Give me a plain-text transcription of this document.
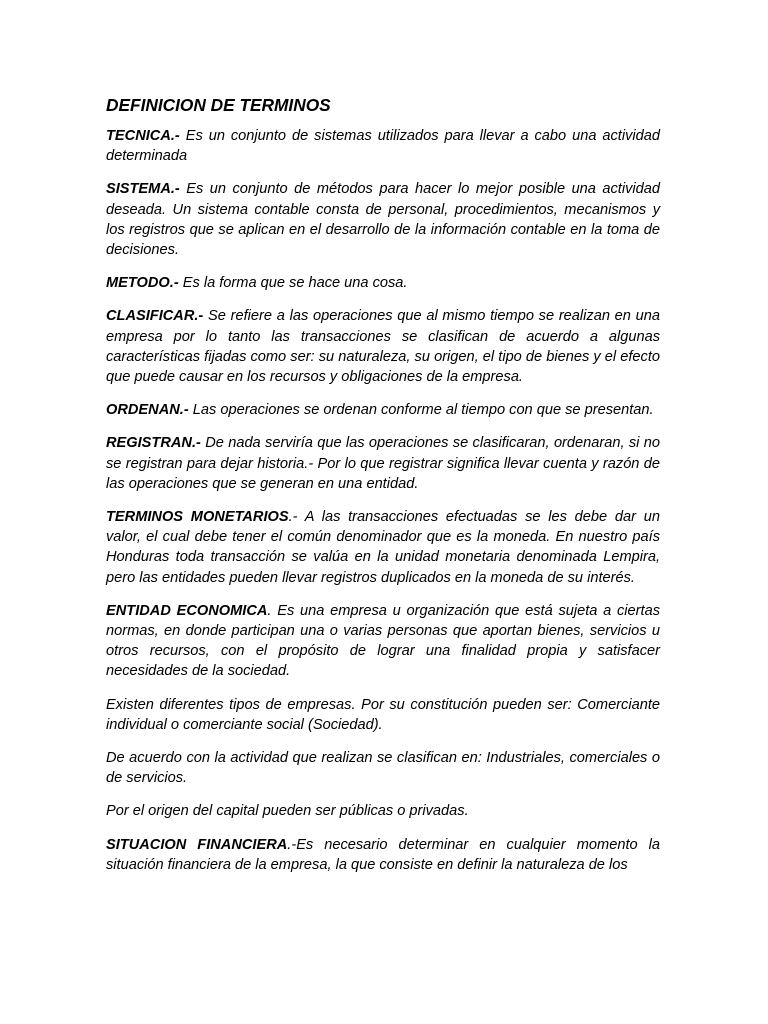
DEFINICION DE TERMINOS

TECNICA.- Es un conjunto de sistemas utilizados para llevar a cabo una actividad determinada

SISTEMA.- Es un conjunto de métodos para hacer lo mejor posible una actividad deseada. Un sistema contable consta de personal, procedimientos, mecanismos y los registros que se aplican en el desarrollo de la información contable en la toma de decisiones.

METODO.- Es la forma que se hace una cosa.

CLASIFICAR.- Se refiere a las operaciones que al mismo tiempo se realizan en una empresa por lo tanto las transacciones se clasifican de acuerdo a algunas características fijadas como ser: su naturaleza, su origen, el tipo de bienes y el efecto que puede causar en los recursos y obligaciones de la empresa.

ORDENAN.- Las operaciones se ordenan conforme al tiempo con que se presentan.

REGISTRAN.- De nada serviría que las operaciones se clasificaran, ordenaran, si no se registran para dejar historia.- Por lo que registrar significa llevar cuenta y razón de las operaciones que se generan en una entidad.

TERMINOS MONETARIOS.- A las transacciones efectuadas se les debe dar un valor, el cual debe tener el común denominador que es la moneda. En nuestro país Honduras toda transacción se valúa en la unidad monetaria denominada Lempira, pero las entidades pueden llevar registros duplicados en la moneda de su interés.

ENTIDAD ECONOMICA. Es una empresa u organización que está sujeta a ciertas normas, en donde participan una o varias personas que aportan bienes, servicios u otros recursos, con el propósito de lograr una finalidad propia y satisfacer necesidades de la sociedad.

Existen diferentes tipos de empresas. Por su constitución pueden ser: Comerciante individual o comerciante social (Sociedad).

De acuerdo con la actividad que realizan se clasifican en: Industriales, comerciales o de servicios.

Por el origen del capital pueden ser públicas o privadas.

SITUACION FINANCIERA.-Es necesario determinar en cualquier momento la situación financiera de la empresa, la que consiste en definir la naturaleza de los
